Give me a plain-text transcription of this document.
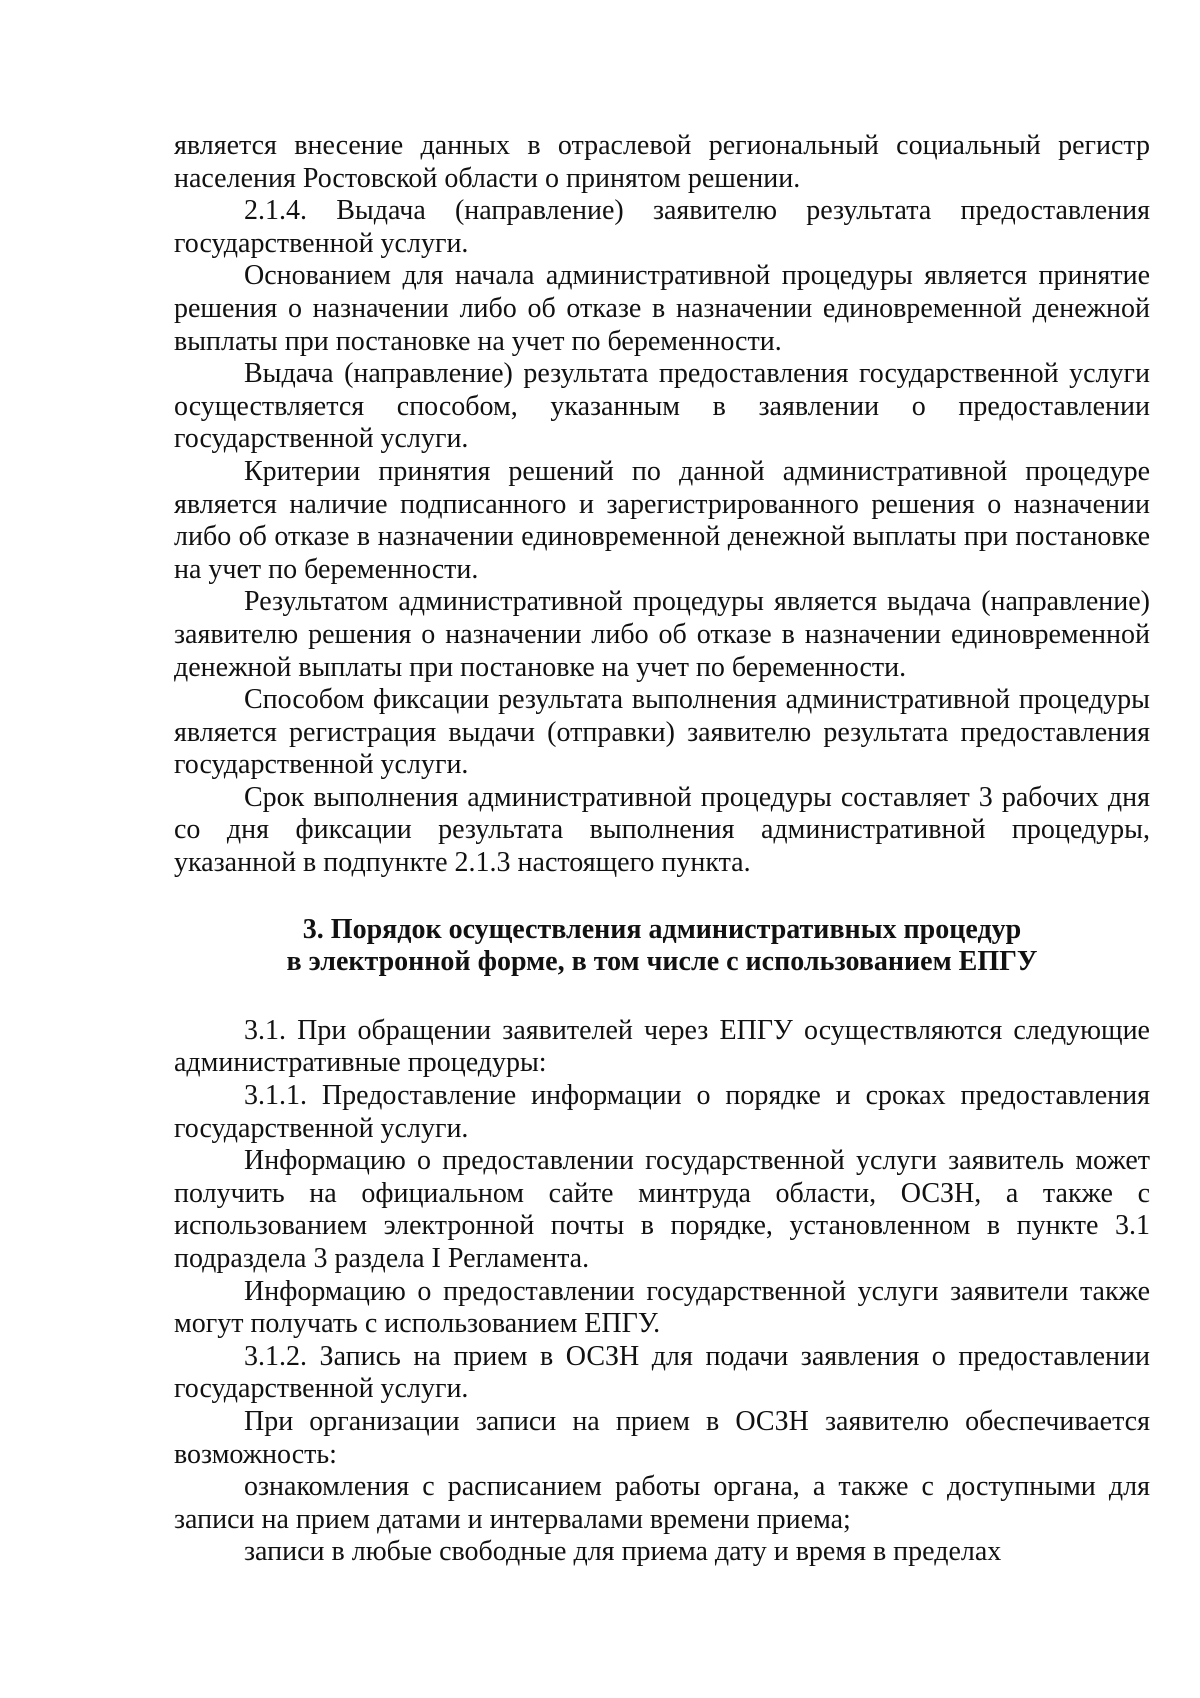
является внесение данных в отраслевой региональный социальный регистр населения Ростовской области о принятом решении.

2.1.4. Выдача (направление) заявителю результата предоставления государственной услуги.

Основанием для начала административной процедуры является принятие решения о назначении либо об отказе в назначении единовременной денежной выплаты при постановке на учет по беременности.

Выдача (направление) результата предоставления государственной услуги осуществляется способом, указанным в заявлении о предоставлении государственной услуги.

Критерии принятия решений по данной административной процедуре является наличие подписанного и зарегистрированного решения о назначении либо об отказе в назначении единовременной денежной выплаты при постановке на учет по беременности.

Результатом административной процедуры является выдача (направление) заявителю решения о назначении либо об отказе в назначении единовременной денежной выплаты при постановке на учет по беременности.

Способом фиксации результата выполнения административной процедуры является регистрация выдачи (отправки) заявителю результата предоставления государственной услуги.

Срок выполнения административной процедуры составляет 3 рабочих дня со дня фиксации результата выполнения административной процедуры, указанной в подпункте 2.1.3 настоящего пункта.

3. Порядок осуществления административных процедур
в электронной форме, в том числе с использованием ЕПГУ

3.1. При обращении заявителей через ЕПГУ осуществляются следующие административные процедуры:

3.1.1. Предоставление информации о порядке и сроках предоставления государственной услуги.

Информацию о предоставлении государственной услуги заявитель может получить на официальном сайте минтруда области, ОСЗН, а также с использованием электронной почты в порядке, установленном в пункте 3.1 подраздела 3 раздела I Регламента.

Информацию о предоставлении государственной услуги заявители также могут получать с использованием ЕПГУ.

3.1.2. Запись на прием в ОСЗН для подачи заявления о предоставлении государственной услуги.

При организации записи на прием в ОСЗН заявителю обеспечивается возможность:

ознакомления с расписанием работы органа, а также с доступными для записи на прием датами и интервалами времени приема;

записи в любые свободные для приема дату и время в пределах
